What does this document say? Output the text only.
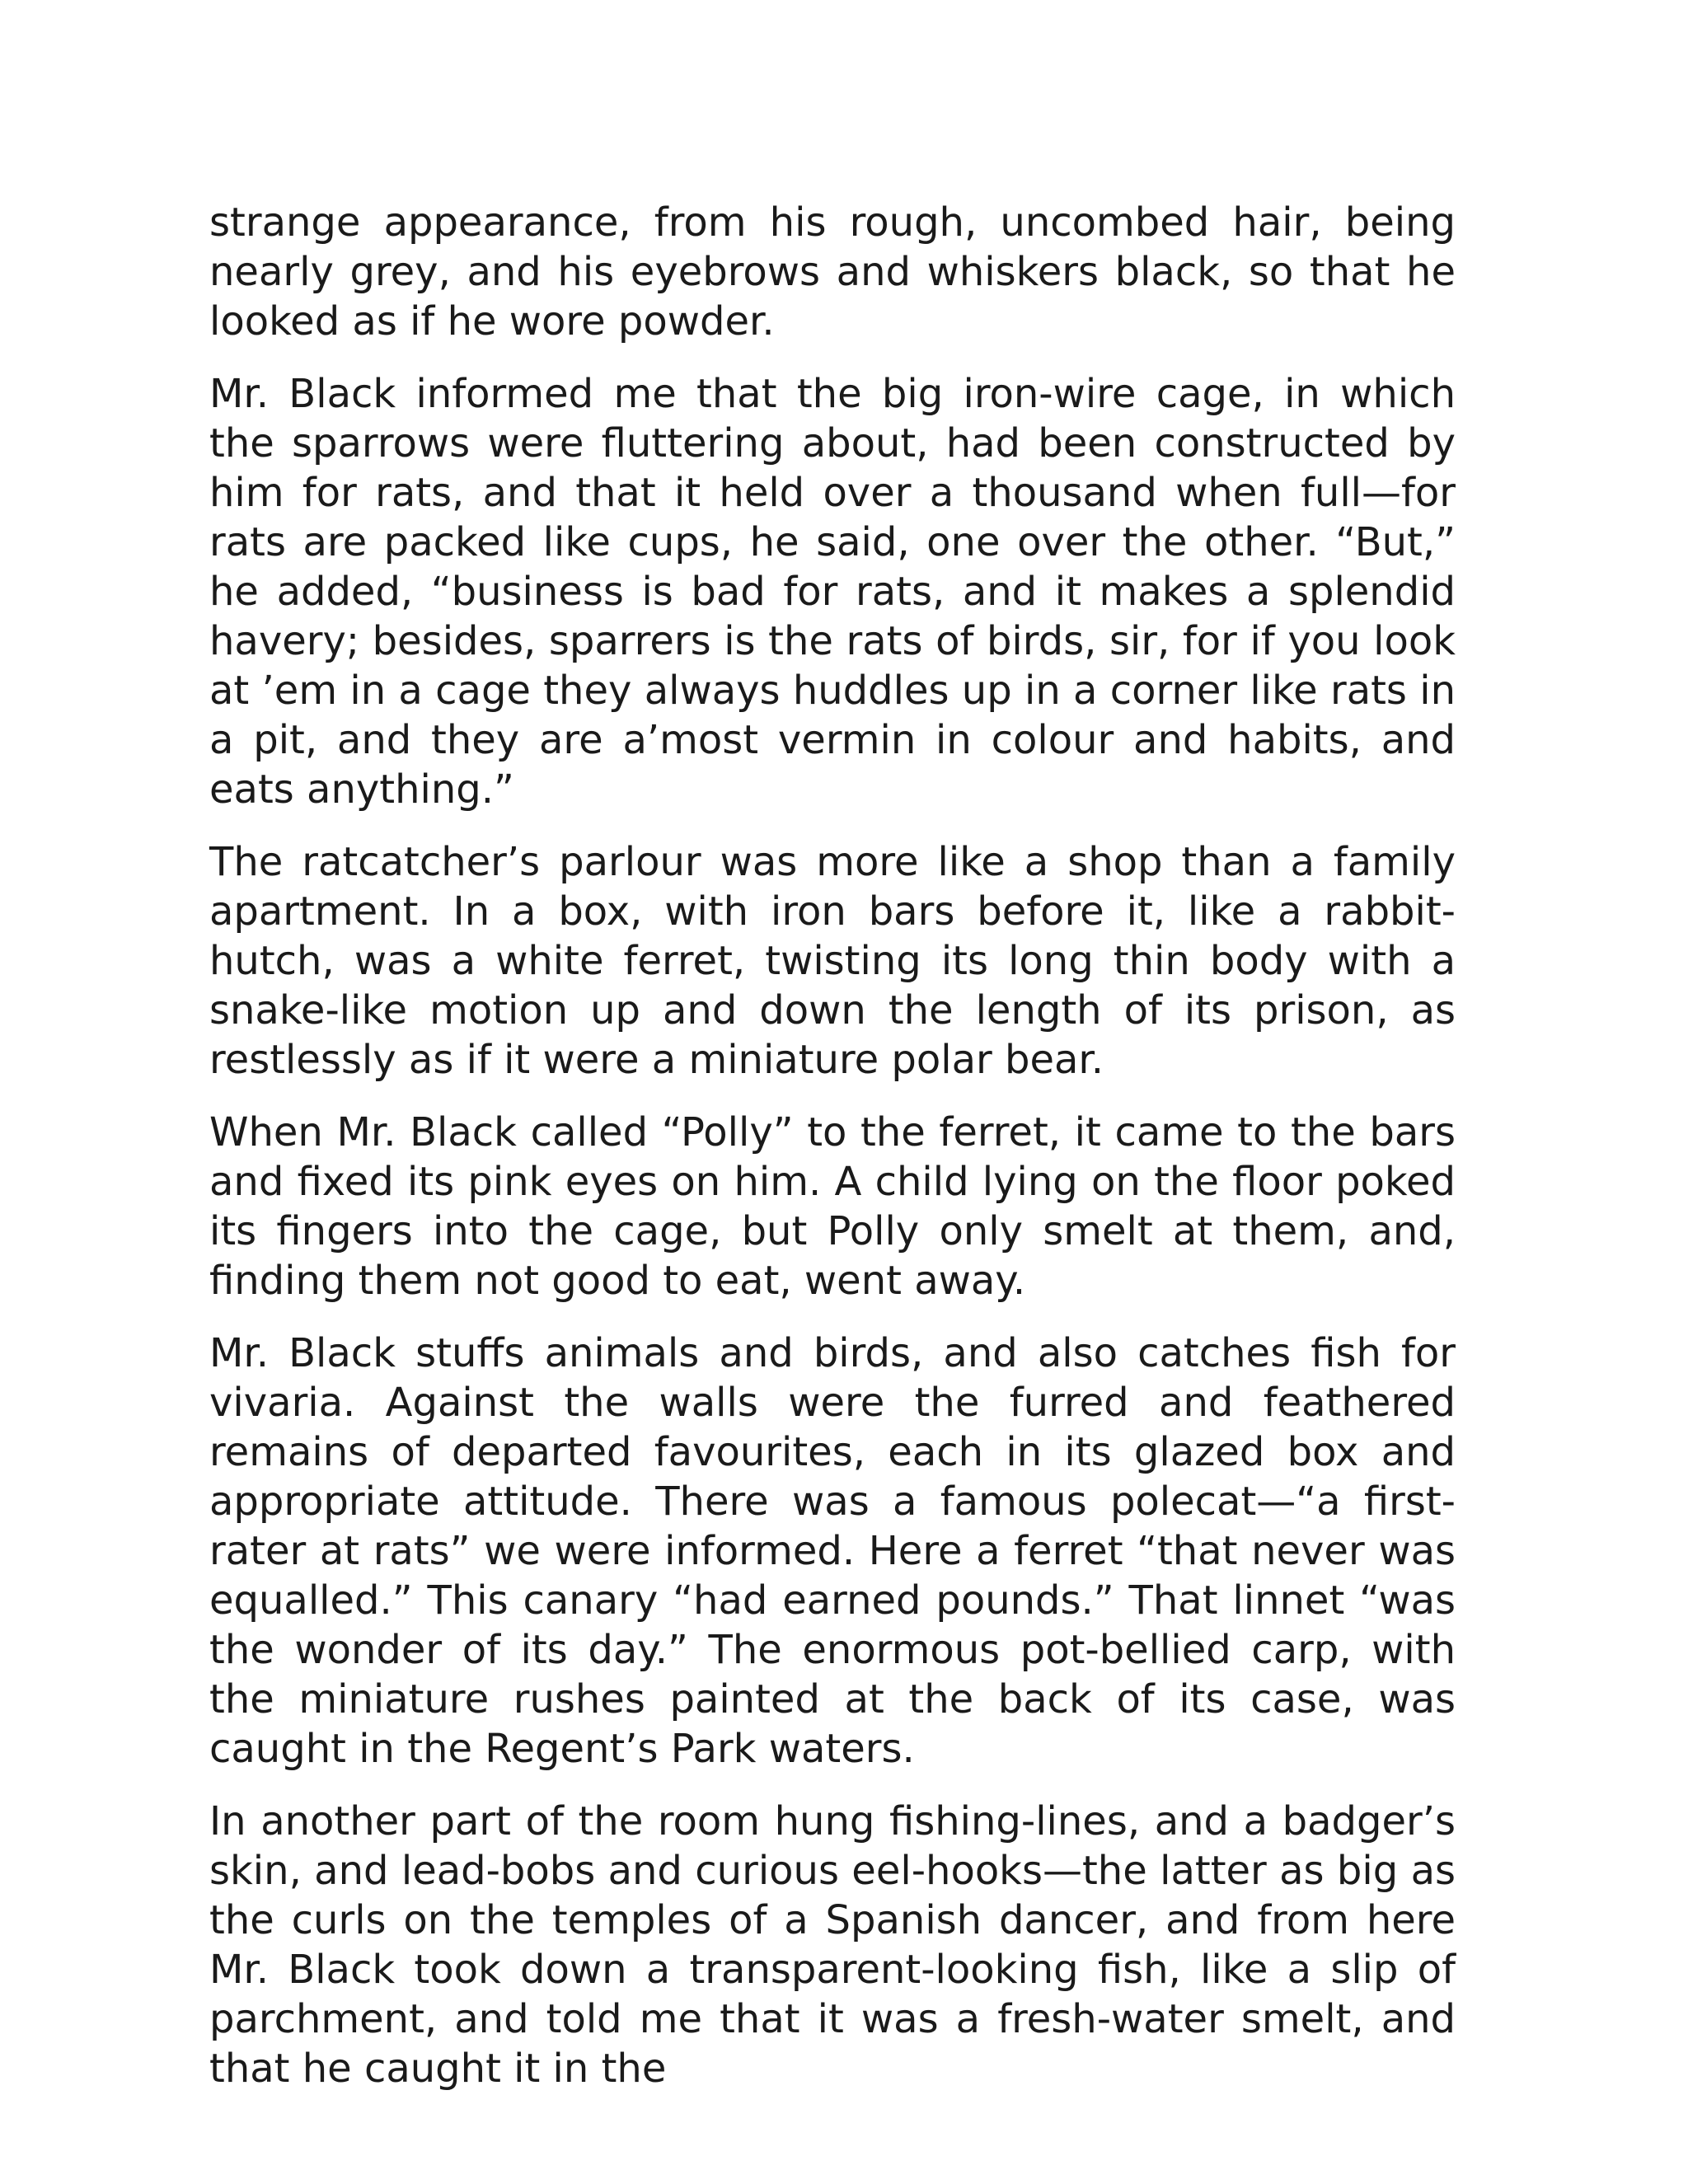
strange appearance, from his rough, uncombed hair, being nearly grey, and his eyebrows and whiskers black, so that he looked as if he wore powder.

Mr. Black informed me that the big iron-wire cage, in which the sparrows were fluttering about, had been constructed by him for rats, and that it held over a thousand when full—for rats are packed like cups, he said, one over the other. “But,” he added, “business is bad for rats, and it makes a splendid havery; besides, sparrers is the rats of birds, sir, for if you look at ’em in a cage they always huddles up in a corner like rats in a pit, and they are a’most vermin in colour and habits, and eats anything.”

The ratcatcher’s parlour was more like a shop than a family apartment. In a box, with iron bars before it, like a rabbit-hutch, was a white ferret, twisting its long thin body with a snake-like motion up and down the length of its prison, as restlessly as if it were a miniature polar bear.

When Mr. Black called “Polly” to the ferret, it came to the bars and fixed its pink eyes on him. A child lying on the floor poked its fingers into the cage, but Polly only smelt at them, and, finding them not good to eat, went away.

Mr. Black stuffs animals and birds, and also catches fish for vivaria. Against the walls were the furred and feathered remains of departed favourites, each in its glazed box and appropriate attitude. There was a famous polecat—“a first-rater at rats” we were informed. Here a ferret “that never was equalled.” This canary “had earned pounds.” That linnet “was the wonder of its day.” The enormous pot-bellied carp, with the miniature rushes painted at the back of its case, was caught in the Regent’s Park waters.

In another part of the room hung fishing-lines, and a badger’s skin, and lead-bobs and curious eel-hooks—the latter as big as the curls on the temples of a Spanish dancer, and from here Mr. Black took down a transparent-looking fish, like a slip of parchment, and told me that it was a fresh-water smelt, and that he caught it in the
